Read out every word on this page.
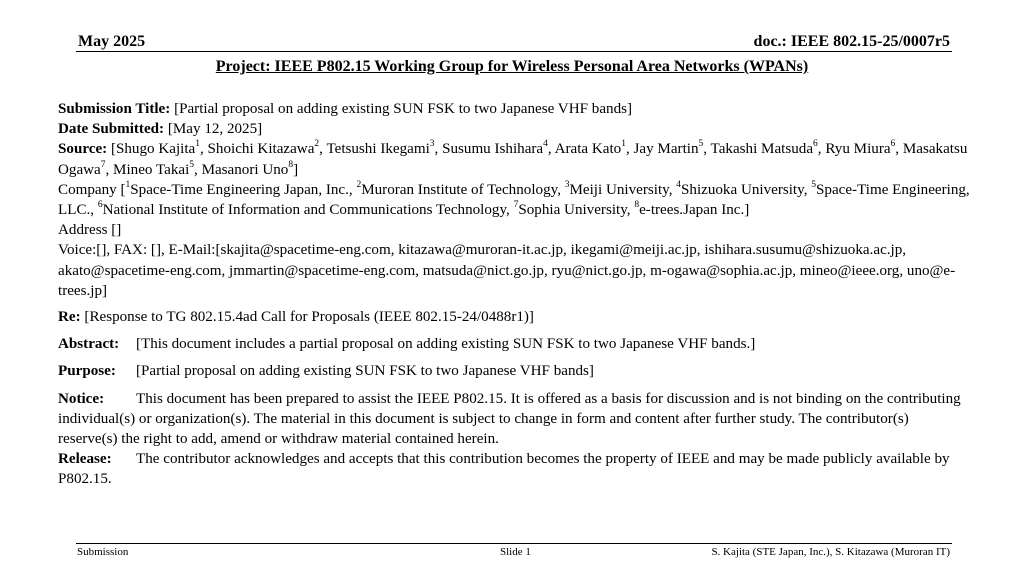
May 2025	doc.: IEEE 802.15-25/0007r5
Project: IEEE P802.15 Working Group for Wireless Personal Area Networks (WPANs)

Submission Title: [Partial proposal on adding existing SUN FSK to two Japanese VHF bands]

Date Submitted: [May 12, 2025]

Source: [Shugo Kajita$^1$, Shoichi Kitazawa$^2$, Tetsushi Ikegami$^3$, Susumu Ishihara$^4$, Arata Kato$^1$, Jay Martin$^5$, Takashi Matsuda$^6$, Ryu Miura$^6$, Masakatsu Ogawa$^7$, Mineo Takai$^5$, Masanori Uno$^8$]

Company [$^1$Space-Time Engineering Japan, Inc., $^2$Muroran Institute of Technology, $^3$Meiji University, $^4$Shizuoka University, $^5$Space-Time Engineering, LLC., $^6$National Institute of Information and Communications Technology, $^7$Sophia University, $^8$e-trees.Japan Inc.]

Address []

Voice:[], FAX: [], E-Mail:[skajita@spacetime-eng.com, kitazawa@muroran-it.ac.jp, ikegami@meiji.ac.jp, ishihara.susumu@shizuoka.ac.jp, akato@spacetime-eng.com, jmmartin@spacetime-eng.com, matsuda@nict.go.jp, ryu@nict.go.jp, m-ogawa@sophia.ac.jp, mineo@ieee.org, uno@e-trees.jp]

Re: [Response to TG 802.15.4ad Call for Proposals (IEEE 802.15-24/0488r1)]

Abstract: [This document includes a partial proposal on adding existing SUN FSK to two Japanese VHF bands.]

Purpose: [Partial proposal on adding existing SUN FSK to two Japanese VHF bands]

Notice: This document has been prepared to assist the IEEE P802.15. It is offered as a basis for discussion and is not binding on the contributing individual(s) or organization(s). The material in this document is subject to change in form and content after further study. The contributor(s) reserve(s) the right to add, amend or withdraw material contained herein.

Release: The contributor acknowledges and accepts that this contribution becomes the property of IEEE and may be made publicly available by P802.15.

Submission	Slide 1	S. Kajita (STE Japan, Inc.), S. Kitazawa (Muroran IT)
